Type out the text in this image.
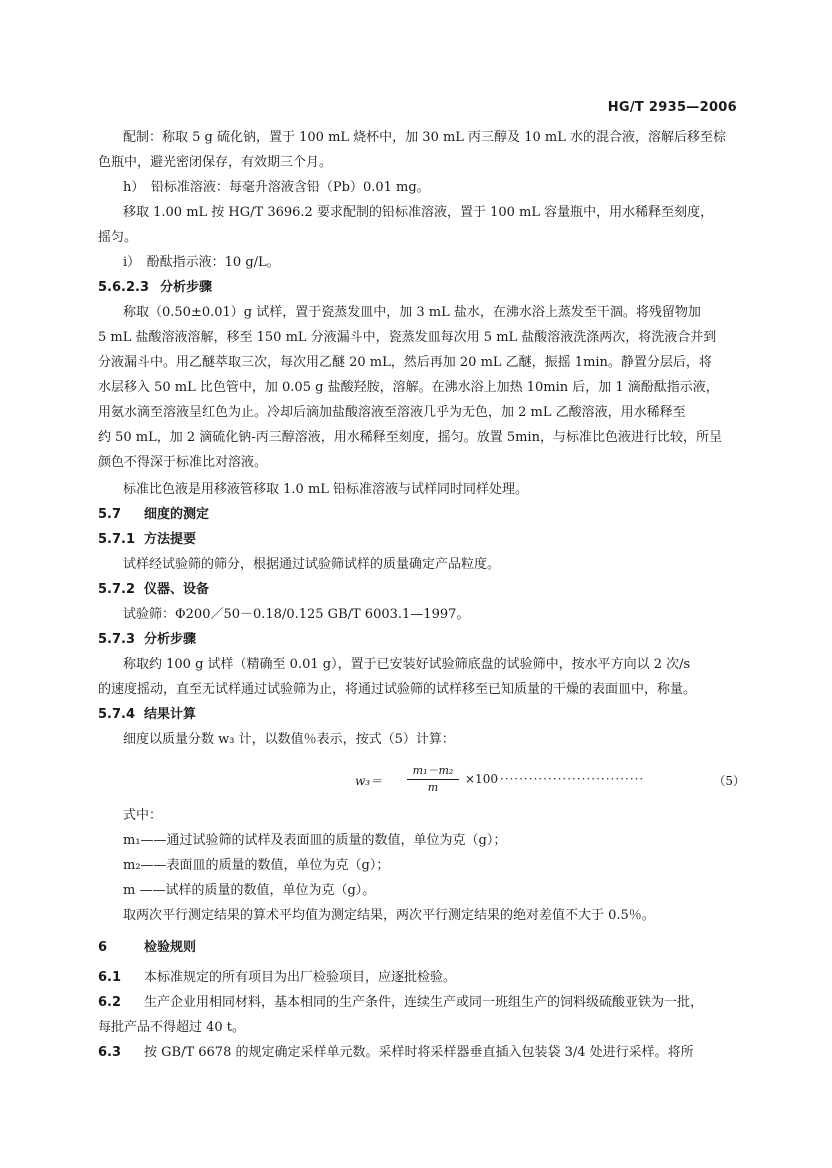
HG/T 2935—2006
配制：称取 5 g 硫化钠，置于 100 mL 烧杯中，加 30 mL 丙三醇及 10 mL 水的混合液，溶解后移至棕
色瓶中，避光密闭保存，有效期三个月。
h）　铅标准溶液：每毫升溶液含铅（Pb）0.01 mg。
移取 1.00 mL 按 HG/T 3696.2 要求配制的铅标准溶液，置于 100 mL 容量瓶中，用水稀释至刻度，
摇匀。
i）　酚酞指示液：10 g/L。
5.6.2.3 分析步骤
称取（0.50±0.01）g 试样，置于瓷蒸发皿中，加 3 mL 盐水，在沸水浴上蒸发至干涸。将残留物加
5 mL 盐酸溶液溶解，移至 150 mL 分液漏斗中，瓷蒸发皿每次用 5 mL 盐酸溶液洗涤两次，将洗液合并到
分液漏斗中。用乙醚萃取三次，每次用乙醚 20 mL，然后再加 20 mL 乙醚，振摇 1min。静置分层后，将
水层移入 50 mL 比色管中，加 0.05 g 盐酸羟胺，溶解。在沸水浴上加热 10min 后，加 1 滴酚酞指示液，
用氨水滴至溶液呈红色为止。冷却后滴加盐酸溶液至溶液几乎为无色，加 2 mL 乙酸溶液，用水稀释至
约 50 mL，加 2 滴硫化钠-丙三醇溶液，用水稀释至刻度，摇匀。放置 5min，与标准比色液进行比较，所呈
颜色不得深于标准比对溶液。
标准比色液是用移液管移取 1.0 mL 铅标准溶液与试样同时同样处理。
5.7 细度的测定
5.7.1 方法提要
试样经试验筛的筛分，根据通过试验筛试样的质量确定产品粒度。
5.7.2 仪器、设备
试验筛：Φ200／50－0.18/0.125 GB/T 6003.1—1997。
5.7.3 分析步骤
称取约 100 g 试样（精确至 0.01 g），置于已安装好试验筛底盘的试验筛中，按水平方向以 2 次/s
的速度摇动，直至无试样通过试验筛为止，将通过试验筛的试样移至已知质量的干燥的表面皿中，称量。
5.7.4 结果计算
细度以质量分数 w₃ 计，以数值％表示，按式（5）计算：
$w_3= \frac{\text{m₁－m₂}}{m} \times 100$
·······························	（5）
式中：
m₁——通过试验筛的试样及表面皿的质量的数值，单位为克（g）；
m₂——表面皿的质量的数值，单位为克（g）；
m ——试样的质量的数值，单位为克（g）。
取两次平行测定结果的算术平均值为测定结果，两次平行测定结果的绝对差值不大于 0.5％。
6	检验规则
6.1 本标准规定的所有项目为出厂检验项目，应逐批检验。
6.2 生产企业用相同材料，基本相同的生产条件，连续生产或同一班组生产的饲料级硫酸亚铁为一批，
每批产品不得超过 40 t。
6.3 按 GB/T 6678 的规定确定采样单元数。采样时将采样器垂直插入包装袋 3/4 处进行采样。将所
